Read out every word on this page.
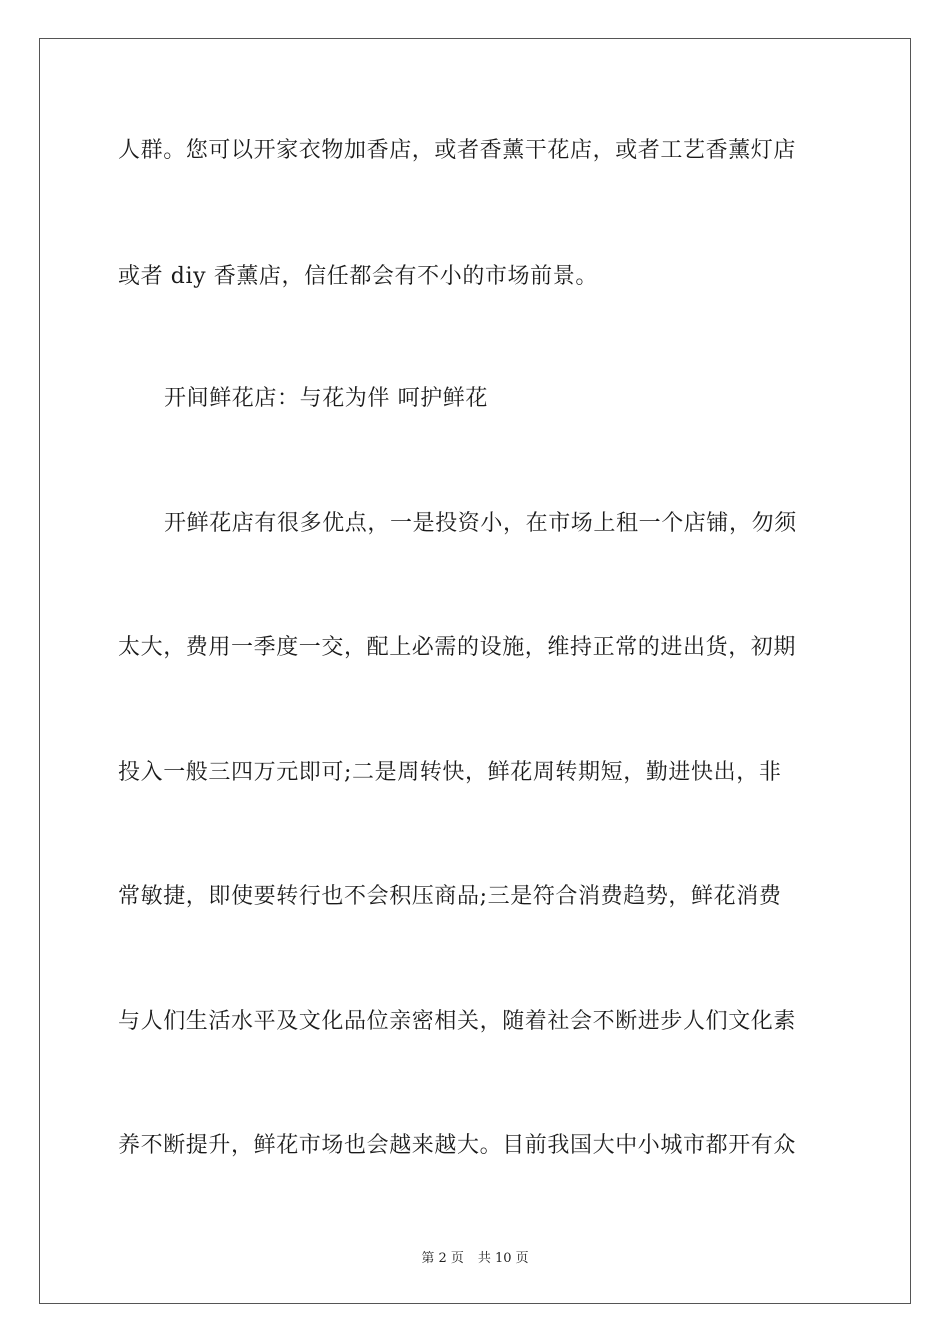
人群。您可以开家衣物加香店，或者香薰干花店，或者工艺香薰灯店
或者 diy 香薰店，信任都会有不小的市场前景。
开间鲜花店：与花为伴 呵护鲜花
开鲜花店有很多优点，一是投资小，在市场上租一个店铺，勿须
太大，费用一季度一交，配上必需的设施，维持正常的进出货，初期
投入一般三四万元即可;二是周转快，鲜花周转期短，勤进快出，非
常敏捷，即使要转行也不会积压商品;三是符合消费趋势，鲜花消费
与人们生活水平及文化品位亲密相关，随着社会不断进步人们文化素
养不断提升，鲜花市场也会越来越大。目前我国大中小城市都开有众
第 2 页 共 10 页
